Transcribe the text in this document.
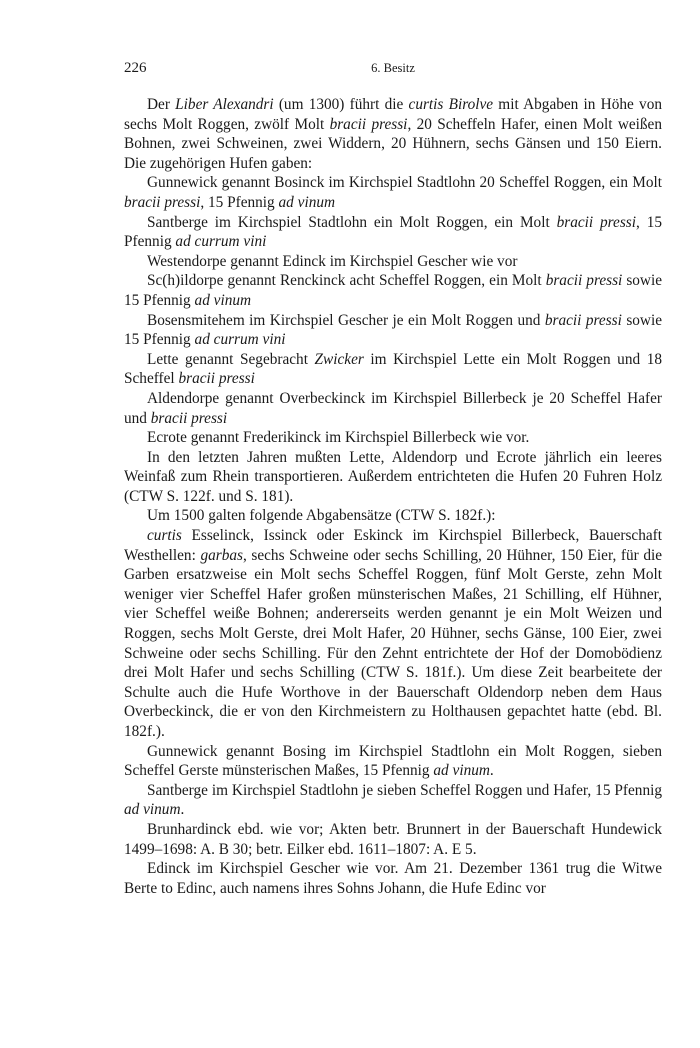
226	6. Besitz

Der Liber Alexandri (um 1300) führt die curtis Birolve mit Abgaben in Höhe von sechs Molt Roggen, zwölf Molt bracii pressi, 20 Scheffeln Hafer, einen Molt weißen Bohnen, zwei Schweinen, zwei Widdern, 20 Hühnern, sechs Gänsen und 150 Eiern. Die zugehörigen Hufen gaben:

Gunnewick genannt Bosinck im Kirchspiel Stadtlohn 20 Scheffel Roggen, ein Molt bracii pressi, 15 Pfennig ad vinum

Santberge im Kirchspiel Stadtlohn ein Molt Roggen, ein Molt bracii pressi, 15 Pfennig ad currum vini

Westendorpe genannt Edinck im Kirchspiel Gescher wie vor

Sc(h)ildorpe genannt Renckinck acht Scheffel Roggen, ein Molt bracii pressi sowie 15 Pfennig ad vinum

Bosensmitehem im Kirchspiel Gescher je ein Molt Roggen und bracii pressi sowie 15 Pfennig ad currum vini

Lette genannt Segebracht Zwicker im Kirchspiel Lette ein Molt Roggen und 18 Scheffel bracii pressi

Aldendorpe genannt Overbeckinck im Kirchspiel Billerbeck je 20 Scheffel Hafer und bracii pressi

Ecrote genannt Frederikinck im Kirchspiel Billerbeck wie vor.

In den letzten Jahren mußten Lette, Aldendorp und Ecrote jährlich ein leeres Weinfaß zum Rhein transportieren. Außerdem entrichteten die Hufen 20 Fuhren Holz (CTW S. 122f. und S. 181).

Um 1500 galten folgende Abgabensätze (CTW S. 182f.):

curtis Esselinck, Issinck oder Eskinck im Kirchspiel Billerbeck, Bauerschaft Westhellen: garbas, sechs Schweine oder sechs Schilling, 20 Hühner, 150 Eier, für die Garben ersatzweise ein Molt sechs Scheffel Roggen, fünf Molt Gerste, zehn Molt weniger vier Scheffel Hafer großen münsterischen Maßes, 21 Schilling, elf Hühner, vier Scheffel weiße Bohnen; andererseits werden genannt je ein Molt Weizen und Roggen, sechs Molt Gerste, drei Molt Hafer, 20 Hühner, sechs Gänse, 100 Eier, zwei Schweine oder sechs Schilling. Für den Zehnt entrichtete der Hof der Domobödienz drei Molt Hafer und sechs Schilling (CTW S. 181f.). Um diese Zeit bearbeitete der Schulte auch die Hufe Worthove in der Bauerschaft Oldendorp neben dem Haus Overbeckinck, die er von den Kirchmeistern zu Holthausen gepachtet hatte (ebd. Bl. 182f.).

Gunnewick genannt Bosing im Kirchspiel Stadtlohn ein Molt Roggen, sieben Scheffel Gerste münsterischen Maßes, 15 Pfennig ad vinum.

Santberge im Kirchspiel Stadtlohn je sieben Scheffel Roggen und Hafer, 15 Pfennig ad vinum.

Brunhardinck ebd. wie vor; Akten betr. Brunnert in der Bauerschaft Hundewick 1499–1698: A. B 30; betr. Eilker ebd. 1611–1807: A. E 5.

Edinck im Kirchspiel Gescher wie vor. Am 21. Dezember 1361 trug die Witwe Berte to Edinc, auch namens ihres Sohns Johann, die Hufe Edinc vor
